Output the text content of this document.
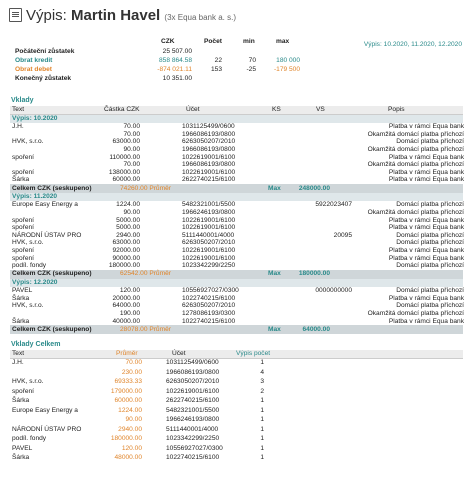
Výpis: Martin Havel (3x Equa bank a. s.)
CZK	Počet	min	max	Výpis: 10.2020, 11.2020, 12.2020
Počáteční zůstatek	25 507.00
Obrat kredit	858 864.58	22	70	180 000
Obrat debet	-874 021.11	153	-25	-179 500
Konečný zůstatek	10 351.00
Vklady
Text	Částka CZK	Účet	KS	VS	Popis
Vklady Celkem
Text	Průměr	Účet	Výpis počet
Výpis: 10.2020
J.H.	70.00	1031125499/0600	Platba v rámci Equa bank
70.00	1966086193/0800	Okamžitá domácí platba příchozí
HVK, s.r.o.	63000.00	6263050207/2010	Domácí platba příchozí
90.00	1966086193/0800	Okamžitá domácí platba příchozí
spoření	110000.00	1022619001/6100	Platba v rámci Equa bank
70.00	1966086193/0800	Okamžitá domácí platba příchozí
spoření	138000.00	1022619001/6100	Platba v rámci Equa bank
Šárka	60000.00	2622740215/6100	Platba v rámci Equa bank
Celkem CZK (seskupeno)	74260.00 Průměr	Max	248000.00
Výpis: 11.2020
Europe Easy Energy a	1224.00	5482321001/5500	5922023407	Domácí platba příchozí
90.00	1966246193/0800	Okamžitá domácí platba příchozí
spoření	5000.00	1022619001/6100	Platba v rámci Equa bank
spoření	5000.00	1022619001/6100	Platba v rámci Equa bank
NÁRODNÍ ÚSTAV PRO	2940.00	5111440001/4000	20095	Domácí platba příchozí
HVK, s.r.o.	63000.00	6263050207/2010	Domácí platba příchozí
spoření	92000.00	1022619001/6100	Platba v rámci Equa bank
spoření	90000.00	1022619001/6100	Platba v rámci Equa bank
podíl. fondy	180000.00	1023342299/2250	Domácí platba příchozí
Celkem CZK (seskupeno)	62542.00 Průměr	Max	180000.00
Výpis: 12.2020
PAVEL	120.00	10556927027/0300	0000000000	Domácí platba příchozí
Šárka	20000.00	1022740215/6100	Platba v rámci Equa bank
HVK, s.r.o.	64000.00	6263050207/2010	Domácí platba příchozí
190.00	1278086193/0300	Okamžitá domácí platba příchozí
Šárka	40000.00	1022740215/6100	Platba v rámci Equa bank
Celkem CZK (seskupeno)	28078.00 Průměr	Max	64000.00
J.H.	70.00	1031125499/0600	1
230.00	1966086193/0800	4
HVK, s.r.o.	69333.33	6263050207/2010	3
spoření	179000.00	1022619001/6100	2
Šárka	60000.00	2622740215/6100	1
Europe Easy Energy a	1224.00	5482321001/5500	1
90.00	1966246193/0800	1
NÁRODNÍ ÚSTAV PRO	2940.00	5111440001/4000	1
podíl. fondy	180000.00	1023342299/2250	1
PAVEL	120.00	10556927027/0300	1
Šárka	48000.00	1022740215/6100	1
